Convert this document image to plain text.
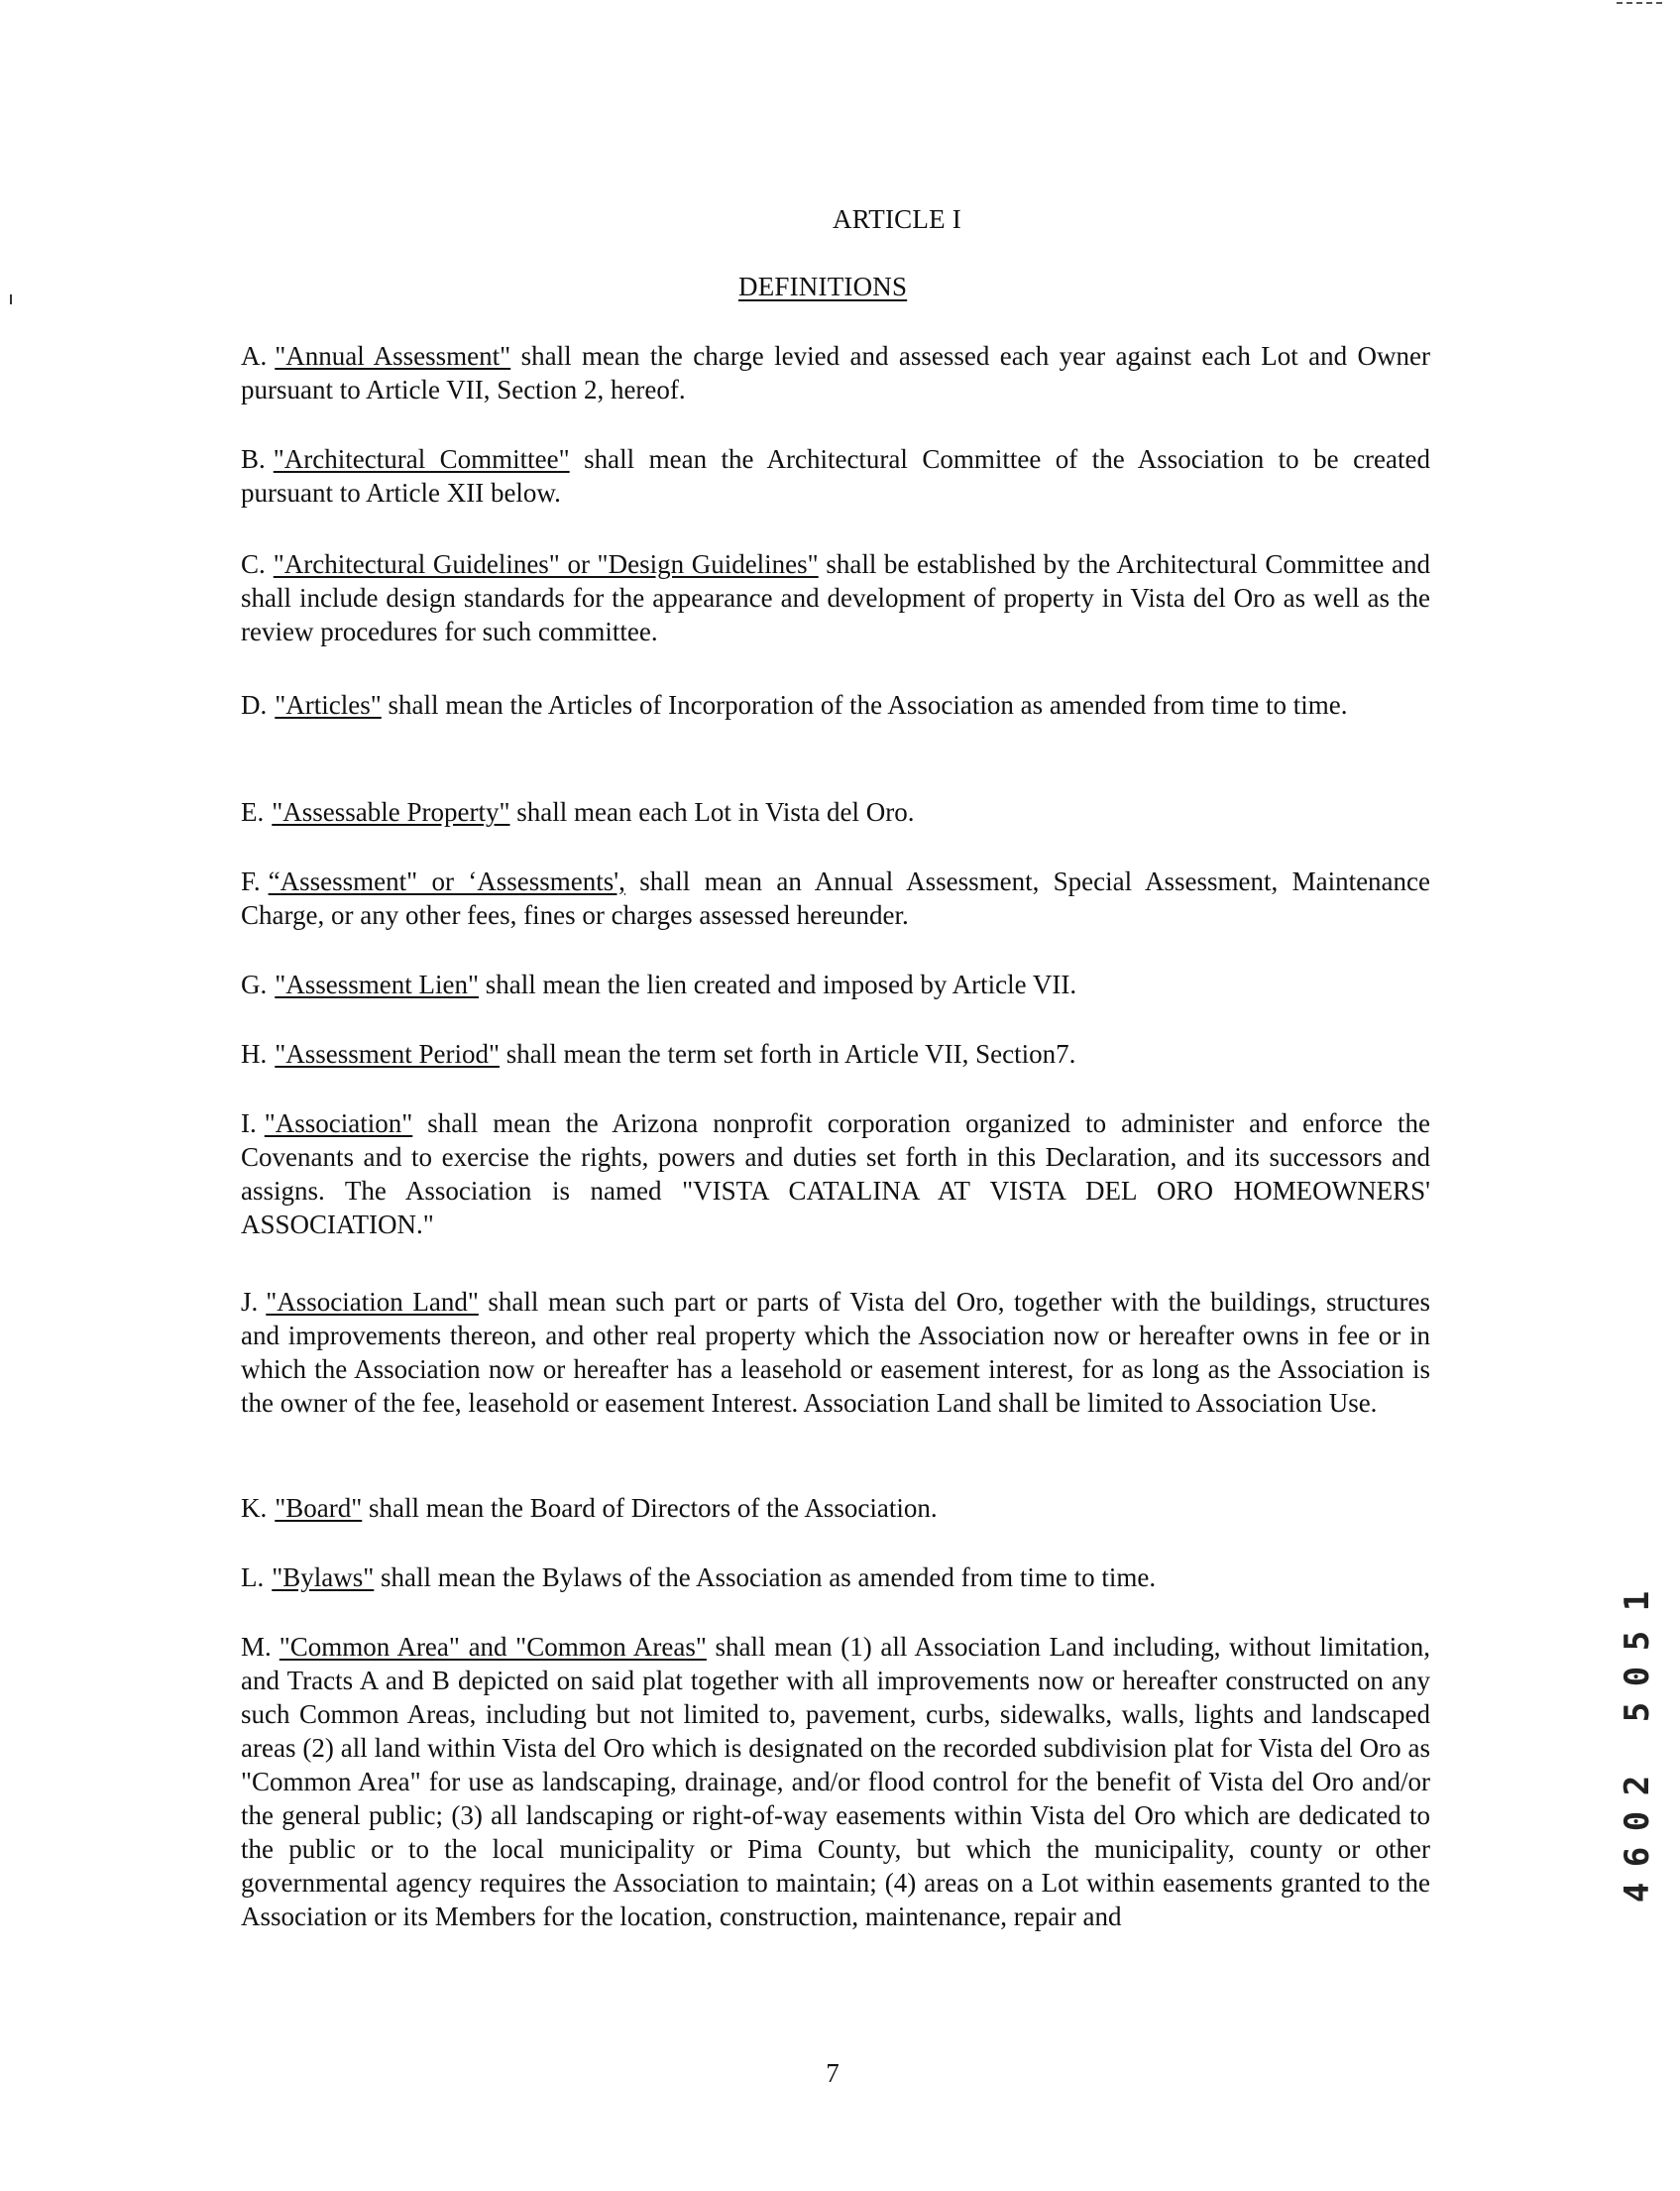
ARTICLE I
DEFINITIONS
A. "Annual Assessment" shall mean the charge levied and assessed each year against each Lot and Owner pursuant to Article VII, Section 2, hereof.
B. "Architectural Committee" shall mean the Architectural Committee of the Association to be created pursuant to Article XII below.
C. "Architectural Guidelines" or "Design Guidelines" shall be established by the Architectural Committee and shall include design standards for the appearance and development of property in Vista del Oro as well as the review procedures for such committee.
D. "Articles" shall mean the Articles of Incorporation of the Association as amended from time to time.
E. "Assessable Property" shall mean each Lot in Vista del Oro.
F. “Assessment" or ‘Assessments', shall mean an Annual Assessment, Special Assessment, Maintenance Charge, or any other fees, fines or charges assessed hereunder.
G. "Assessment Lien" shall mean the lien created and imposed by Article VII.
H. "Assessment Period" shall mean the term set forth in Article VII, Section7.
I. "Association" shall mean the Arizona nonprofit corporation organized to administer and enforce the Covenants and to exercise the rights, powers and duties set forth in this Declaration, and its successors and assigns. The Association is named "VISTA CATALINA AT VISTA DEL ORO HOMEOWNERS' ASSOCIATION."
J. "Association Land" shall mean such part or parts of Vista del Oro, together with the buildings, structures and improvements thereon, and other real property which the Association now or hereafter owns in fee or in which the Association now or hereafter has a leasehold or easement interest, for as long as the Association is the owner of the fee, leasehold or easement Interest. Association Land shall be limited to Association Use.
K. "Board" shall mean the Board of Directors of the Association.
L. "Bylaws" shall mean the Bylaws of the Association as amended from time to time.
M. "Common Area" and "Common Areas" shall mean (1) all Association Land including, without limitation, and Tracts A and B depicted on said plat together with all improvements now or hereafter constructed on any such Common Areas, including but not limited to, pavement, curbs, sidewalks, walls, lights and landscaped areas (2) all land within Vista del Oro which is designated on the recorded subdivision plat for Vista del Oro as "Common Area" for use as landscaping, drainage, and/or flood control for the benefit of Vista del Oro and/or the general public; (3) all landscaping or right-of-way easements within Vista del Oro which are dedicated to the public or to the local municipality or Pima County, but which the municipality, county or other governmental agency requires the Association to maintain; (4) areas on a Lot within easements granted to the Association or its Members for the location, construction, maintenance, repair and
7
1
5
0
5
2
0
6
4
